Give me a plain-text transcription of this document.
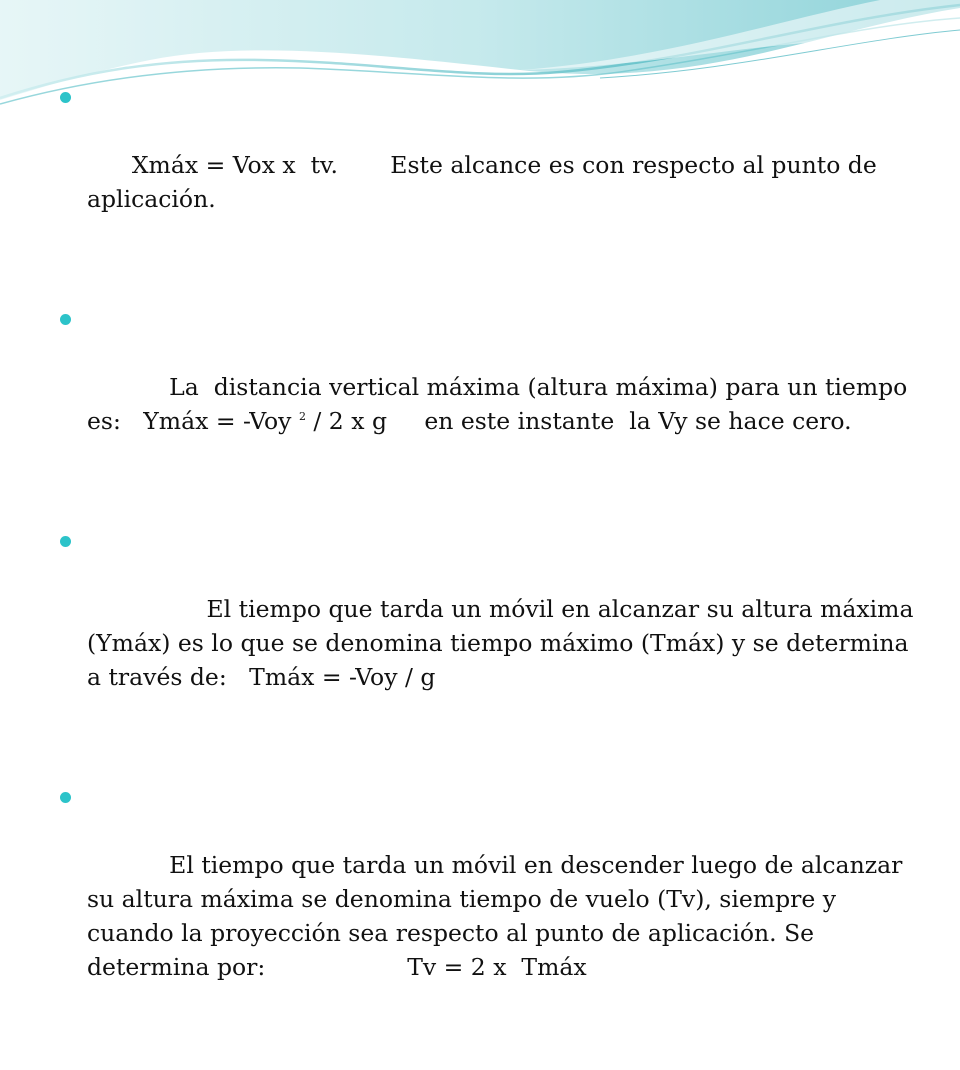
Xmáx = Vox x  tv.       Este alcance es con respecto al punto de aplicación.

La  distancia vertical máxima (altura máxima) para un tiempo es:   Ymáx = -Voy $^2$ / 2 x g     en este instante  la Vy se hace cero.

El tiempo que tarda un móvil en alcanzar su altura máxima (Ymáx) es lo que se denomina tiempo máximo (Tmáx) y se determina a través de:   Tmáx = -Voy / g

El tiempo que tarda un móvil en descender luego de alcanzar su altura máxima se denomina tiempo de vuelo (Tv), siempre y cuando la proyección sea respecto al punto de aplicación. Se determina por:                   Tv = 2 x  Tmáx
